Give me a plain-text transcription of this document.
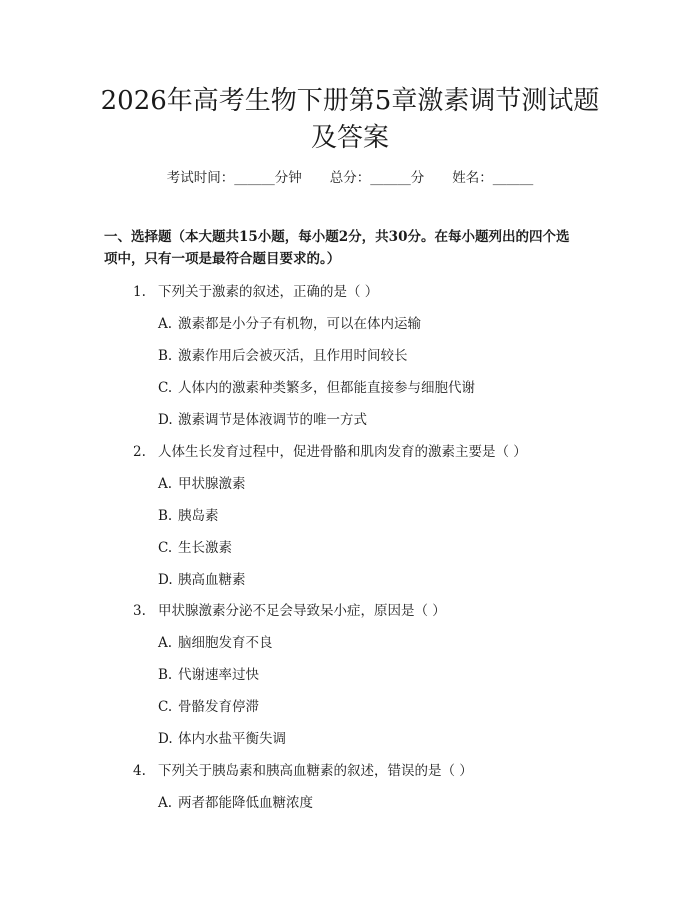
2026年高考生物下册第5章激素调节测试题
及答案
考试时间：______分钟 总分：______分 姓名：______
一、选择题（本大题共15小题，每小题2分，共30分。在每小题列出的四个选
项中，只有一项是最符合题目要求的。）
1. 下列关于激素的叙述，正确的是（ ）
A. 激素都是小分子有机物，可以在体内运输
B. 激素作用后会被灭活，且作用时间较长
C. 人体内的激素种类繁多，但都能直接参与细胞代谢
D. 激素调节是体液调节的唯一方式
2. 人体生长发育过程中，促进骨骼和肌肉发育的激素主要是（ ）
A. 甲状腺激素
B. 胰岛素
C. 生长激素
D. 胰高血糖素
3. 甲状腺激素分泌不足会导致呆小症，原因是（ ）
A. 脑细胞发育不良
B. 代谢速率过快
C. 骨骼发育停滞
D. 体内水盐平衡失调
4. 下列关于胰岛素和胰高血糖素的叙述，错误的是（ ）
A. 两者都能降低血糖浓度
